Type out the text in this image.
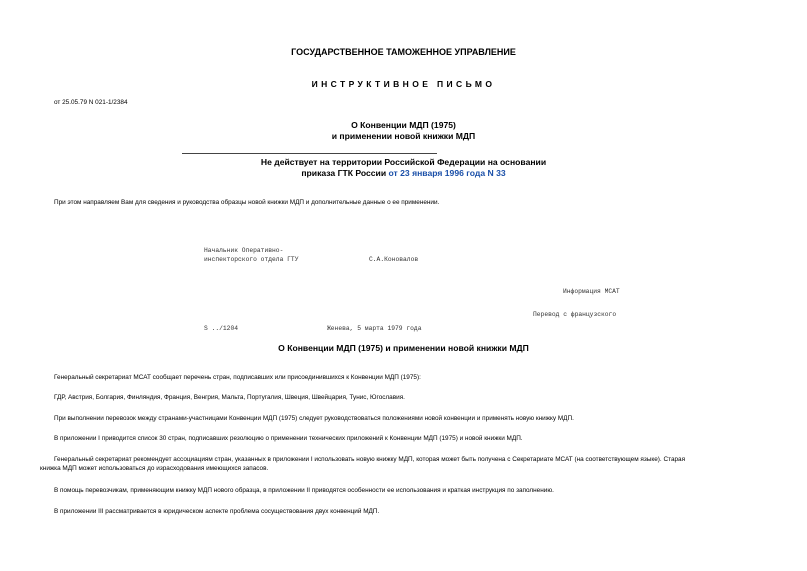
ГОСУДАРСТВЕННОЕ ТАМОЖЕННОЕ УПРАВЛЕНИЕ
ИНСТРУКТИВНОЕ ПИСЬМО
от 25.05.79 N 021-1/2384
О Конвенции МДП (1975)
и применении новой книжки МДП
Не действует на территории Российской Федерации на основании
приказа ГТК России от 23 января 1996 года N 33
При этом направляем Вам для сведения и руководства образцы новой книжки МДП и дополнительные данные о ее применении.
Начальник Оперативно-
инспекторского отдела ГТУ	С.А.Коновалов
Информация МСАТ
Перевод с французского
S ../1204	Женева, 5 марта 1979 года
О Конвенции МДП (1975) и применении новой книжки МДП
Генеральный секретариат МСАТ сообщает перечень стран, подписавших или присоединившихся к Конвенции МДП (1975):
ГДР, Австрия, Болгария, Финляндия, Франция, Венгрия, Мальта, Португалия, Швеция, Швейцария, Тунис, Югославия.
При выполнении перевозок между странами-участницами Конвенции МДП (1975) следует руководствоваться положениями новой конвенции и применять новую книжку МДП.
В приложении I приводится список 30 стран, подписавших резолюцию о применении технических приложений к Конвенции МДП (1975) и новой книжки МДП.
Генеральный секретариат рекомендует ассоциациям стран, указанных в приложении I использовать новую книжку МДП, которая может быть получена с Секретариате МСАТ (на соответствующем языке). Старая
книжка МДП может использоваться до израсходования имеющихся запасов.
В помощь перевозчикам, применяющим книжку МДП нового образца, в приложении II приводятся особенности ее использования и краткая инструкция по заполнению.
В приложении III рассматривается в юридическом аспекте проблема сосуществования двух конвенций МДП.
